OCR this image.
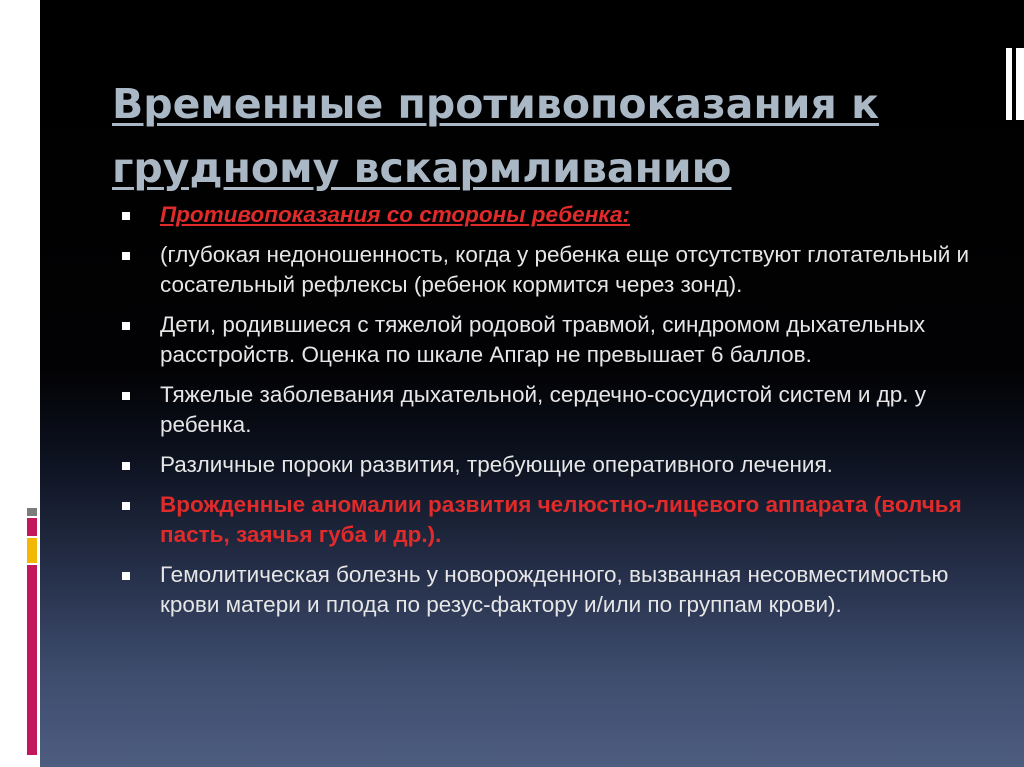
Временные противопоказания к грудному вскармливанию
Противопоказания со стороны ребенка:
(глубокая недоношенность, когда у ребенка еще отсутствуют глотательный и сосательный рефлексы (ребенок кормится через зонд).
Дети, родившиеся с тяжелой родовой травмой, синдромом дыхательных расстройств. Оценка по шкале Апгар не превышает 6 баллов.
Тяжелые заболевания дыхательной, сердечно-сосудистой систем и др. у ребенка.
Различные пороки развития, требующие оперативного лечения.
Врожденные аномалии развития челюстно-лицевого аппарата (волчья пасть, заячья губа и др.).
Гемолитическая болезнь у новорожденного, вызванная несовместимостью крови матери и плода по резус-фактору и/или по группам крови).
